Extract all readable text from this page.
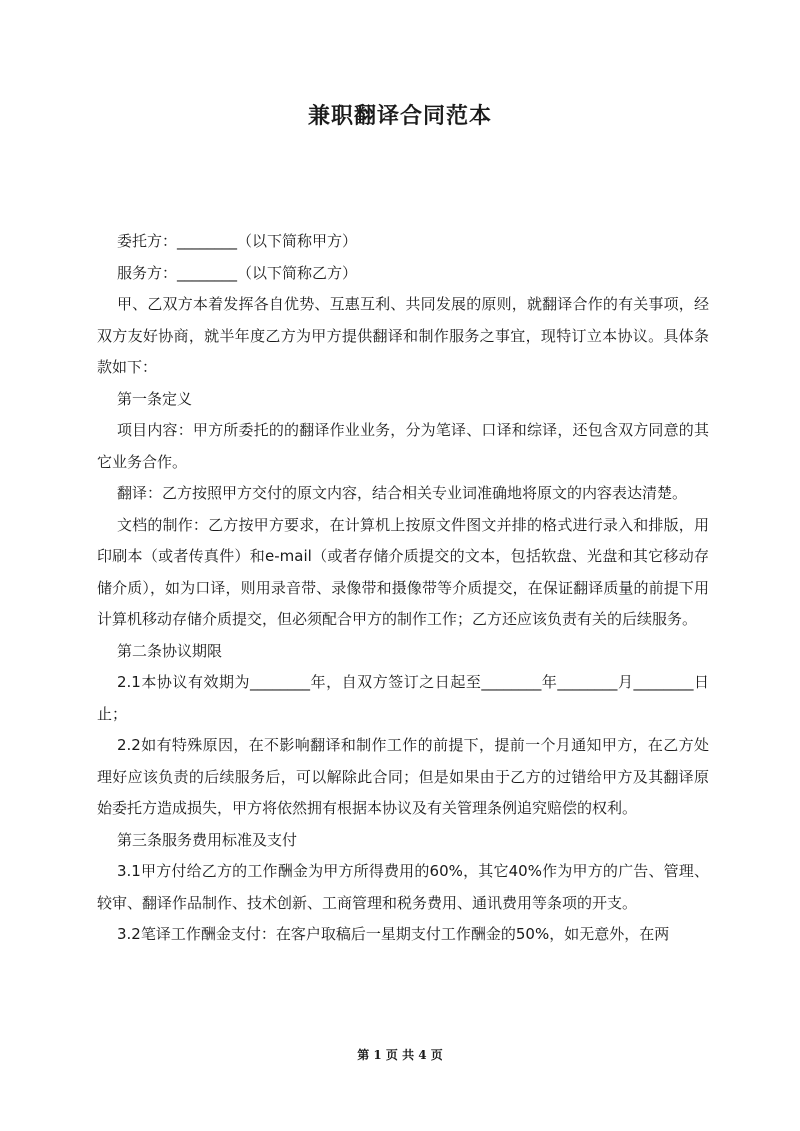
兼职翻译合同范本

委托方：________（以下简称甲方）

服务方：________（以下简称乙方）

甲、乙双方本着发挥各自优势、互惠互利、共同发展的原则，就翻译合作的有关事项，经双方友好协商，就半年度乙方为甲方提供翻译和制作服务之事宜，现特订立本协议。具体条款如下：

第一条定义

项目内容：甲方所委托的的翻译作业业务，分为笔译、口译和综译，还包含双方同意的其它业务合作。

翻译：乙方按照甲方交付的原文内容，结合相关专业词准确地将原文的内容表达清楚。

文档的制作：乙方按甲方要求，在计算机上按原文件图文并排的格式进行录入和排版，用印刷本（或者传真件）和e-mail（或者存储介质提交的文本，包括软盘、光盘和其它移动存储介质），如为口译，则用录音带、录像带和摄像带等介质提交，在保证翻译质量的前提下用计算机移动存储介质提交，但必须配合甲方的制作工作；乙方还应该负责有关的后续服务。

第二条协议期限

2.1本协议有效期为________年，自双方签订之日起至________年________月________日止；

2.2如有特殊原因，在不影响翻译和制作工作的前提下，提前一个月通知甲方，在乙方处理好应该负责的后续服务后，可以解除此合同；但是如果由于乙方的过错给甲方及其翻译原始委托方造成损失，甲方将依然拥有根据本协议及有关管理条例追究赔偿的权利。

第三条服务费用标准及支付

3.1甲方付给乙方的工作酬金为甲方所得费用的60%，其它40%作为甲方的广告、管理、较审、翻译作品制作、技术创新、工商管理和税务费用、通讯费用等条项的开支。

3.2笔译工作酬金支付：在客户取稿后一星期支付工作酬金的50%，如无意外，在两

第 1 页 共 4 页
